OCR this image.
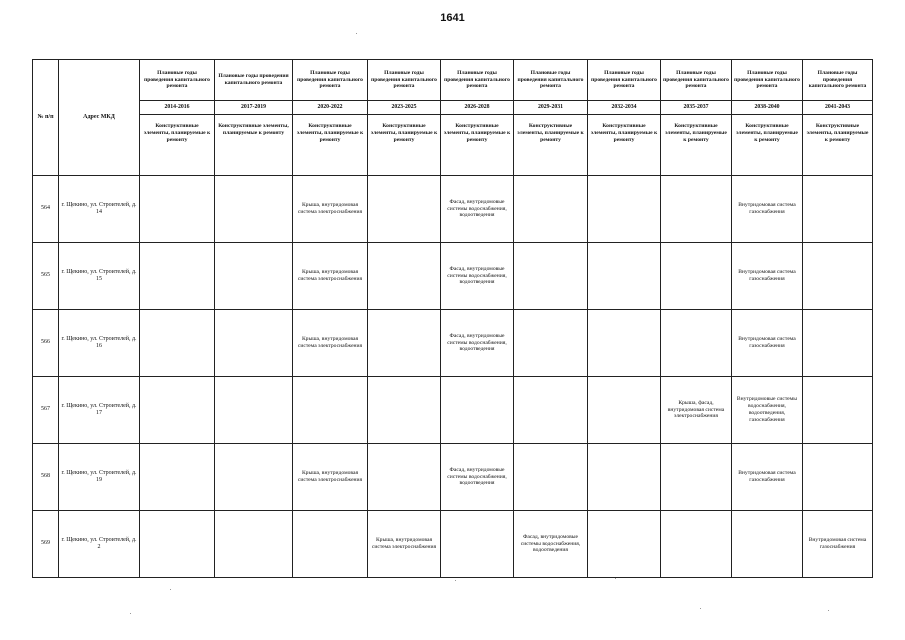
1641
№ п/п	Адрес МКД	Плановые годы проведения капитального ремонта	Плановые годы проведения капитального ремонта	Плановые годы проведения капитального ремонта	Плановые годы проведения капитального ремонта	Плановые годы проведения капитального ремонта	Плановые годы проведения капитального ремонта	Плановые годы проведения капитального ремонта	Плановые годы проведения капитального ремонта	Плановые годы проведения капитального ремонта	Плановые годы проведения капитального ремонта
		2014-2016	2017-2019	2020-2022	2023-2025	2026-2028	2029-2031	2032-2034	2035-2037	2038-2040	2041-2043
		Конструктивные элементы, планируемые к ремонту	Конструктивные элементы, планируемые к ремонту	Конструктивные элементы, планируемые к ремонту	Конструктивные элементы, планируемые к ремонту	Конструктивные элементы, планируемые к ремонту	Конструктивные элементы, планируемые к ремонту	Конструктивные элементы, планируемые к ремонту	Конструктивные элементы, планируемые к ремонту	Конструктивные элементы, планируемые к ремонту	Конструктивные элементы, планируемые к ремонту
564	г. Щекино, ул. Строителей, д. 14			Крыша, внутридомовая система электроснабжения		Фасад, внутридомовые системы водоснабжения, водоотведения				Внутридомовая система газоснабжения	
565	г. Щекино, ул. Строителей, д. 15			Крыша, внутридомовая система электроснабжения		Фасад, внутридомовые системы водоснабжения, водоотведения				Внутридомовая система газоснабжения	
566	г. Щекино, ул. Строителей, д. 16			Крыша, внутридомовая система электроснабжения		Фасад, внутридомовые системы водоснабжения, водоотведения				Внутридомовая система газоснабжения	
567	г. Щекино, ул. Строителей, д. 17								Крыша, фасад, внутридомовая система электроснабжения	Внутридомовые системы водоснабжения, водоотведения, газоснабжения	
568	г. Щекино, ул. Строителей, д. 19			Крыша, внутридомовая система электроснабжения		Фасад, внутридомовые системы водоснабжения, водоотведения				Внутридомовая система газоснабжения	
569	г. Щекино, ул. Строителей, д. 2				Крыша, внутридомовая система электроснабжения		Фасад, внутридомовые системы водоснабжения, водоотведения				Внутридомовая система газоснабжения
